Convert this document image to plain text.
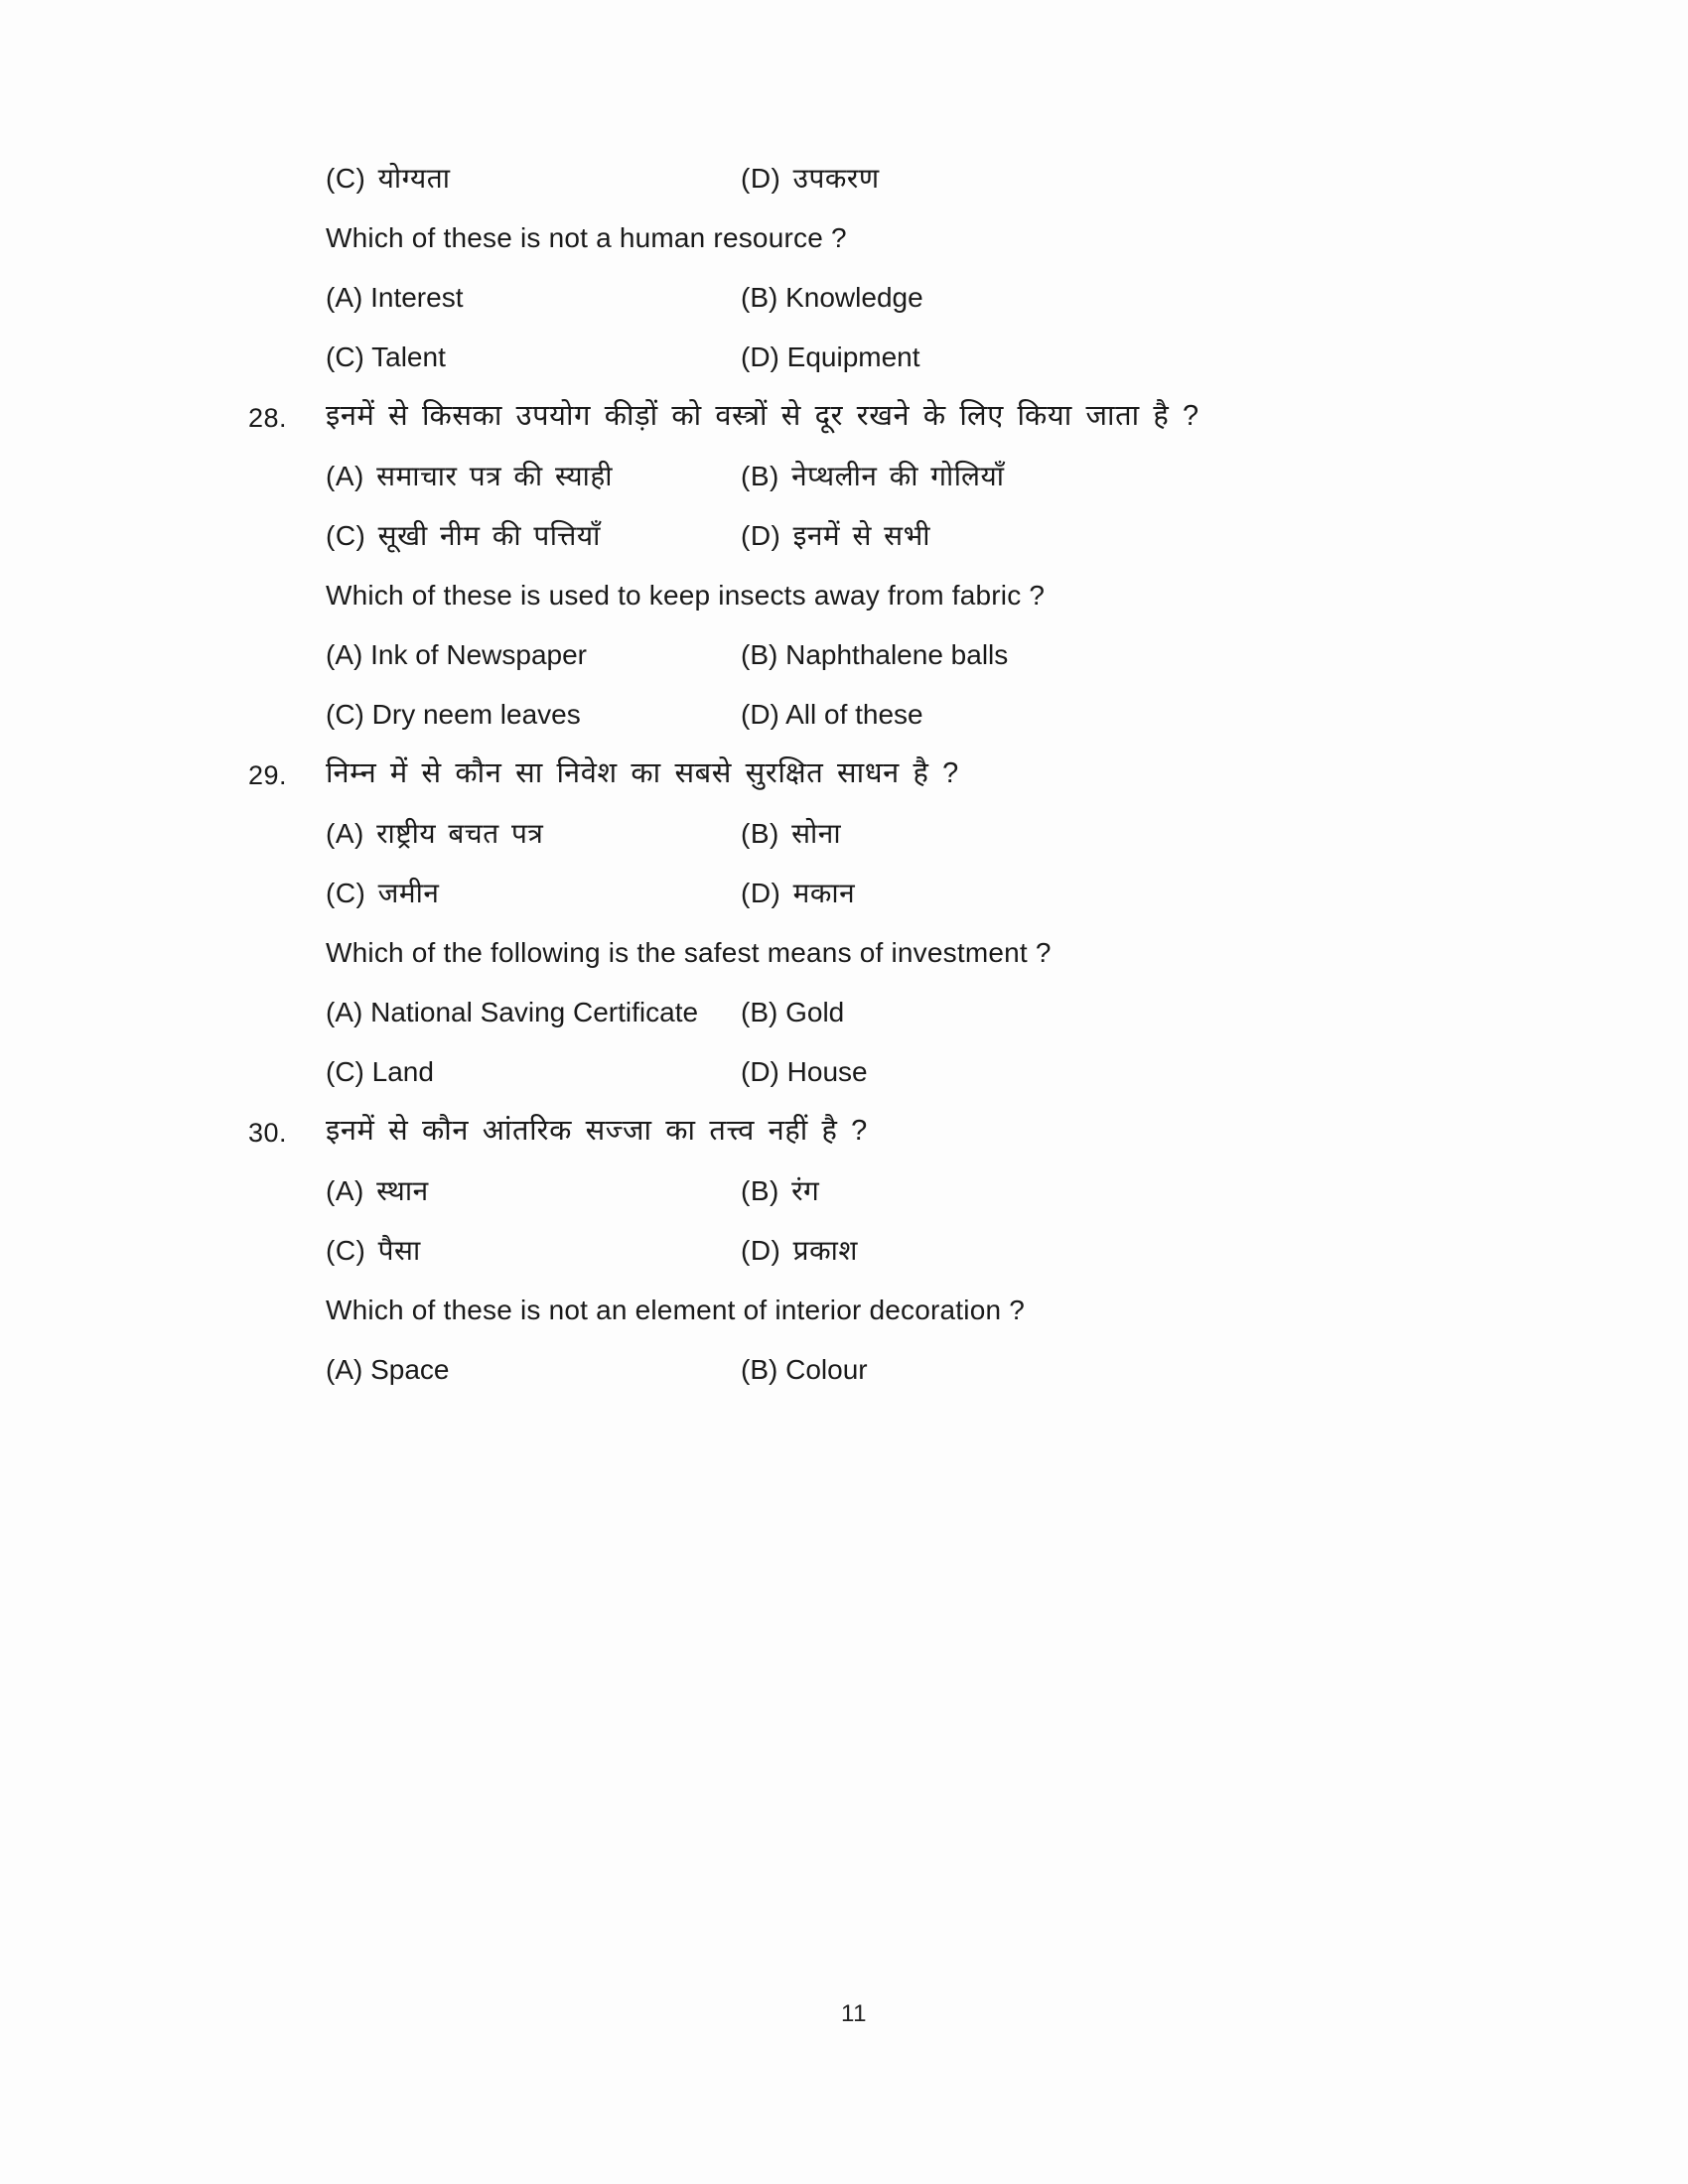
(C) योग्यता	(D) उपकरण
Which of these is not a human resource ?
(A) Interest	(B) Knowledge
(C) Talent	(D) Equipment
28.	इनमें से किसका उपयोग कीड़ों को वस्त्रों से दूर रखने के लिए किया जाता है ?
(A) समाचार पत्र की स्याही	(B) नेप्थलीन की गोलियाँ
(C) सूखी नीम की पत्तियाँ	(D) इनमें से सभी
Which of these is used to keep insects away from fabric ?
(A) Ink of Newspaper	(B) Naphthalene balls
(C) Dry neem leaves	(D) All of these
29.	निम्न में से कौन सा निवेश का सबसे सुरक्षित साधन है ?
(A) राष्ट्रीय बचत पत्र	(B) सोना
(C) जमीन	(D) मकान
Which of the following is the safest means of investment ?
(A) National Saving Certificate	(B) Gold
(C) Land	(D) House
30.	इनमें से कौन आंतरिक सज्जा का तत्त्व नहीं है ?
(A) स्थान	(B) रंग
(C) पैसा	(D) प्रकाश
Which of these is not an element of interior decoration ?
(A) Space	(B) Colour
11
